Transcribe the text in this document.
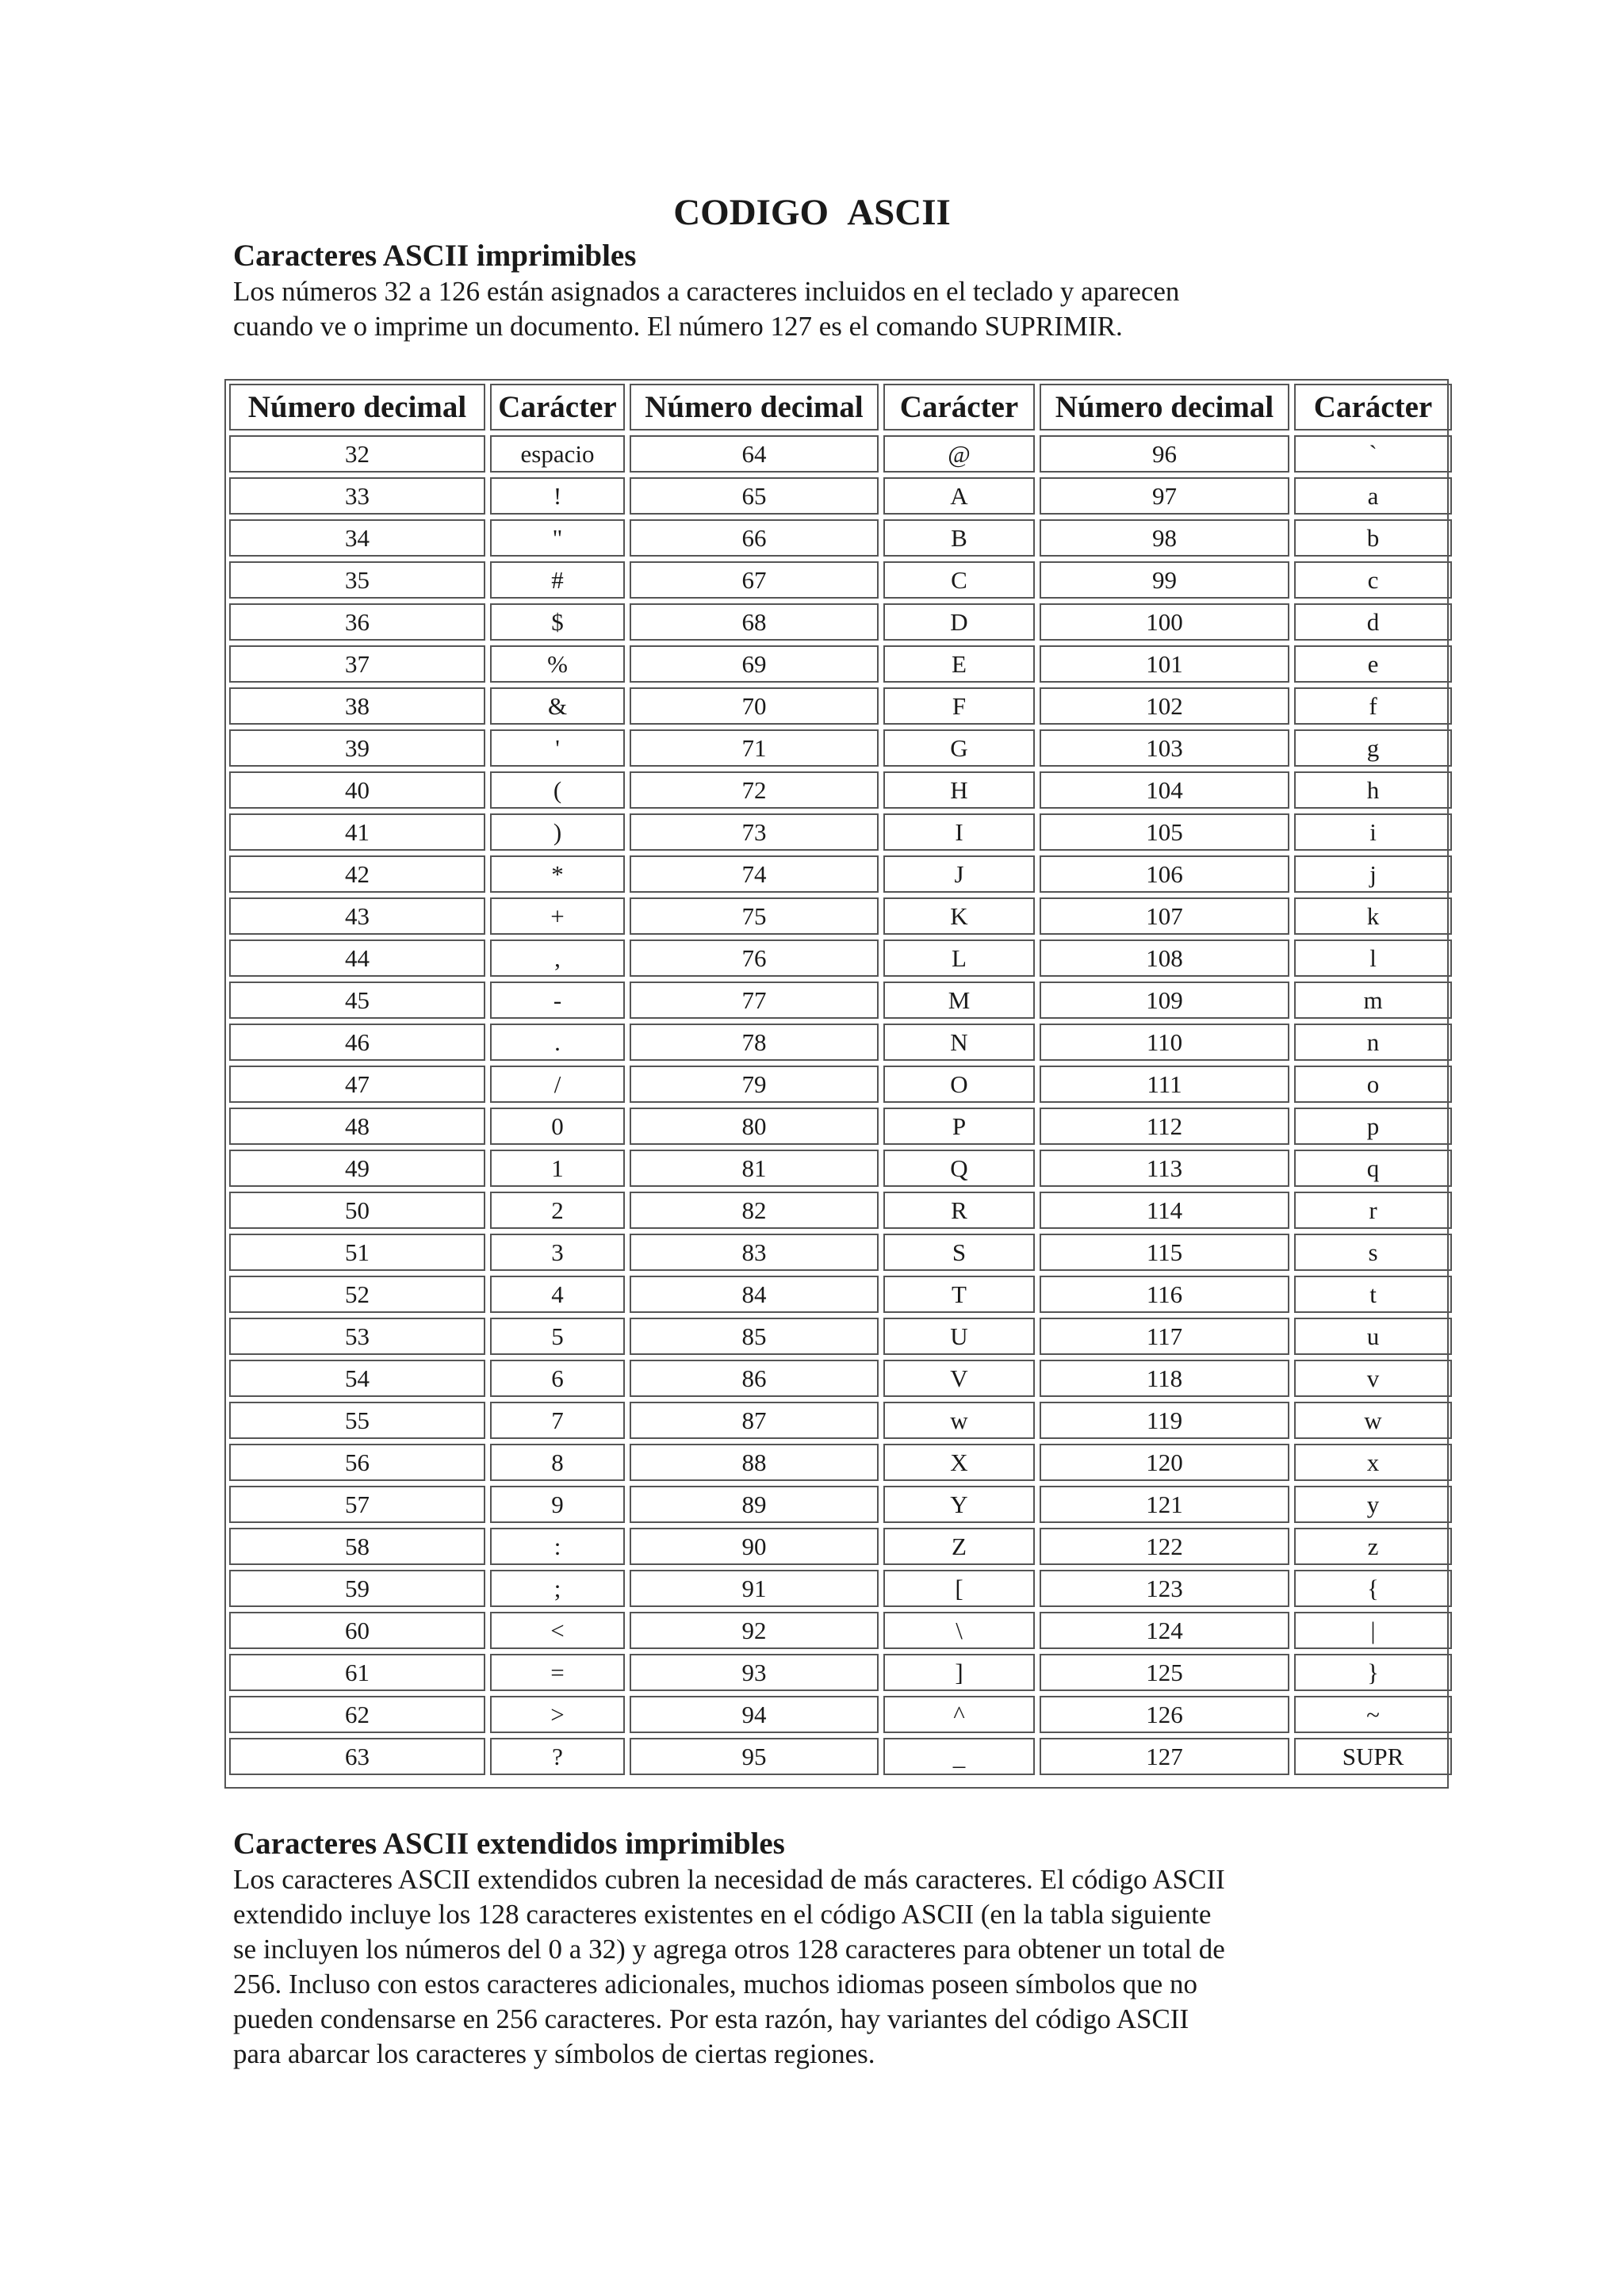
CODIGO ASCII
Caracteres ASCII imprimibles

Los números 32 a 126 están asignados a caracteres incluidos en el teclado y aparecen
cuando ve o imprime un documento. El número 127 es el comando SUPRIMIR.

Número decimal	Carácter	Número decimal	Carácter	Número decimal	Carácter
32	espacio	64	@	96	`
33	!	65	A	97	a
34	"	66	B	98	b
35	#	67	C	99	c
36	$	68	D	100	d
37	%	69	E	101	e
38	&	70	F	102	f
39	'	71	G	103	g
40	(	72	H	104	h
41	)	73	I	105	i
42	*	74	J	106	j
43	+	75	K	107	k
44	,	76	L	108	l
45	-	77	M	109	m
46	.	78	N	110	n
47	/	79	O	111	o
48	0	80	P	112	p
49	1	81	Q	113	q
50	2	82	R	114	r
51	3	83	S	115	s
52	4	84	T	116	t
53	5	85	U	117	u
54	6	86	V	118	v
55	7	87	w	119	w
56	8	88	X	120	x
57	9	89	Y	121	y
58	:	90	Z	122	z
59	;	91	[	123	{
60	<	92	\	124	|
61	=	93	]	125	}
62	>	94	^	126	~
63	?	95	_	127	SUPR
Caracteres ASCII extendidos imprimibles

Los caracteres ASCII extendidos cubren la necesidad de más caracteres. El código ASCII
extendido incluye los 128 caracteres existentes en el código ASCII (en la tabla siguiente
se incluyen los números del 0 a 32) y agrega otros 128 caracteres para obtener un total de
256. Incluso con estos caracteres adicionales, muchos idiomas poseen símbolos que no
pueden condensarse en 256 caracteres. Por esta razón, hay variantes del código ASCII
para abarcar los caracteres y símbolos de ciertas regiones.
